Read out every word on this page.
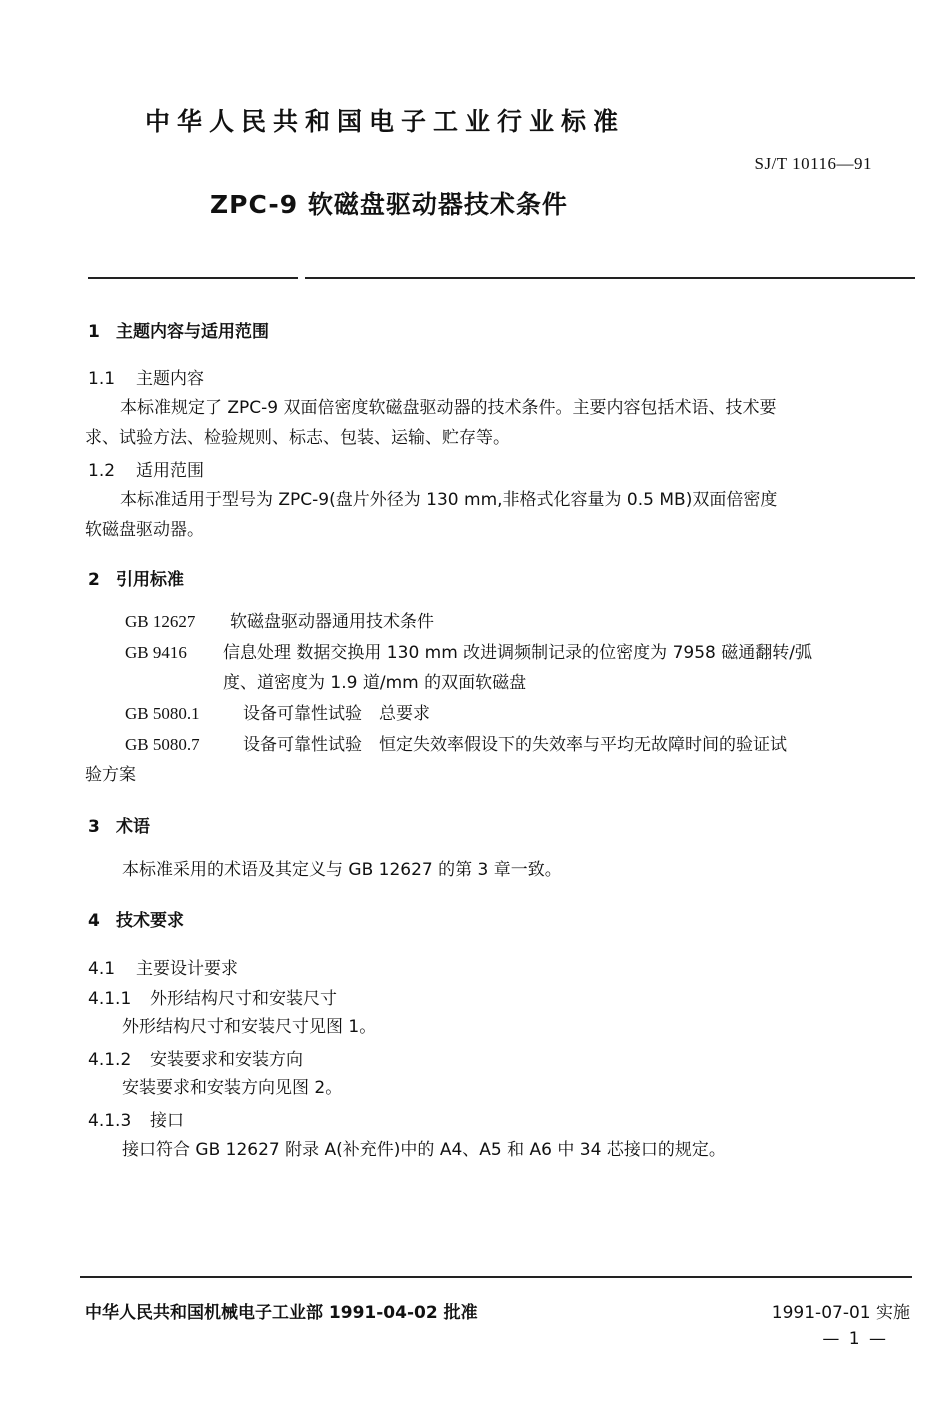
中华人民共和国电子工业行业标准
SJ/T 10116—91
ZPC-9 软磁盘驱动器技术条件
1 主题内容与适用范围
1.1 主题内容
本标准规定了 ZPC-9 双面倍密度软磁盘驱动器的技术条件。主要内容包括术语、技术要
求、试验方法、检验规则、标志、包装、运输、贮存等。
1.2 适用范围
本标准适用于型号为 ZPC-9(盘片外径为 130 mm,非格式化容量为 0.5 MB)双面倍密度
软磁盘驱动器。
2 引用标准
GB 12627 软磁盘驱动器通用技术条件
GB 9416 信息处理 数据交换用 130 mm 改进调频制记录的位密度为 7958 磁通翻转/弧
度、道密度为 1.9 道/mm 的双面软磁盘
GB 5080.1	设备可靠性试验　总要求
GB 5080.7	设备可靠性试验　恒定失效率假设下的失效率与平均无故障时间的验证试
验方案
3 术语
本标准采用的术语及其定义与 GB 12627 的第 3 章一致。
4 技术要求
4.1 主要设计要求
4.1.1 外形结构尺寸和安装尺寸
外形结构尺寸和安装尺寸见图 1。
4.1.2 安装要求和安装方向
安装要求和安装方向见图 2。
4.1.3 接口
接口符合 GB 12627 附录 A(补充件)中的 A4、A5 和 A6 中 34 芯接口的规定。
中华人民共和国机械电子工业部 1991-04-02 批准	1991-07-01 实施
— 1 —
